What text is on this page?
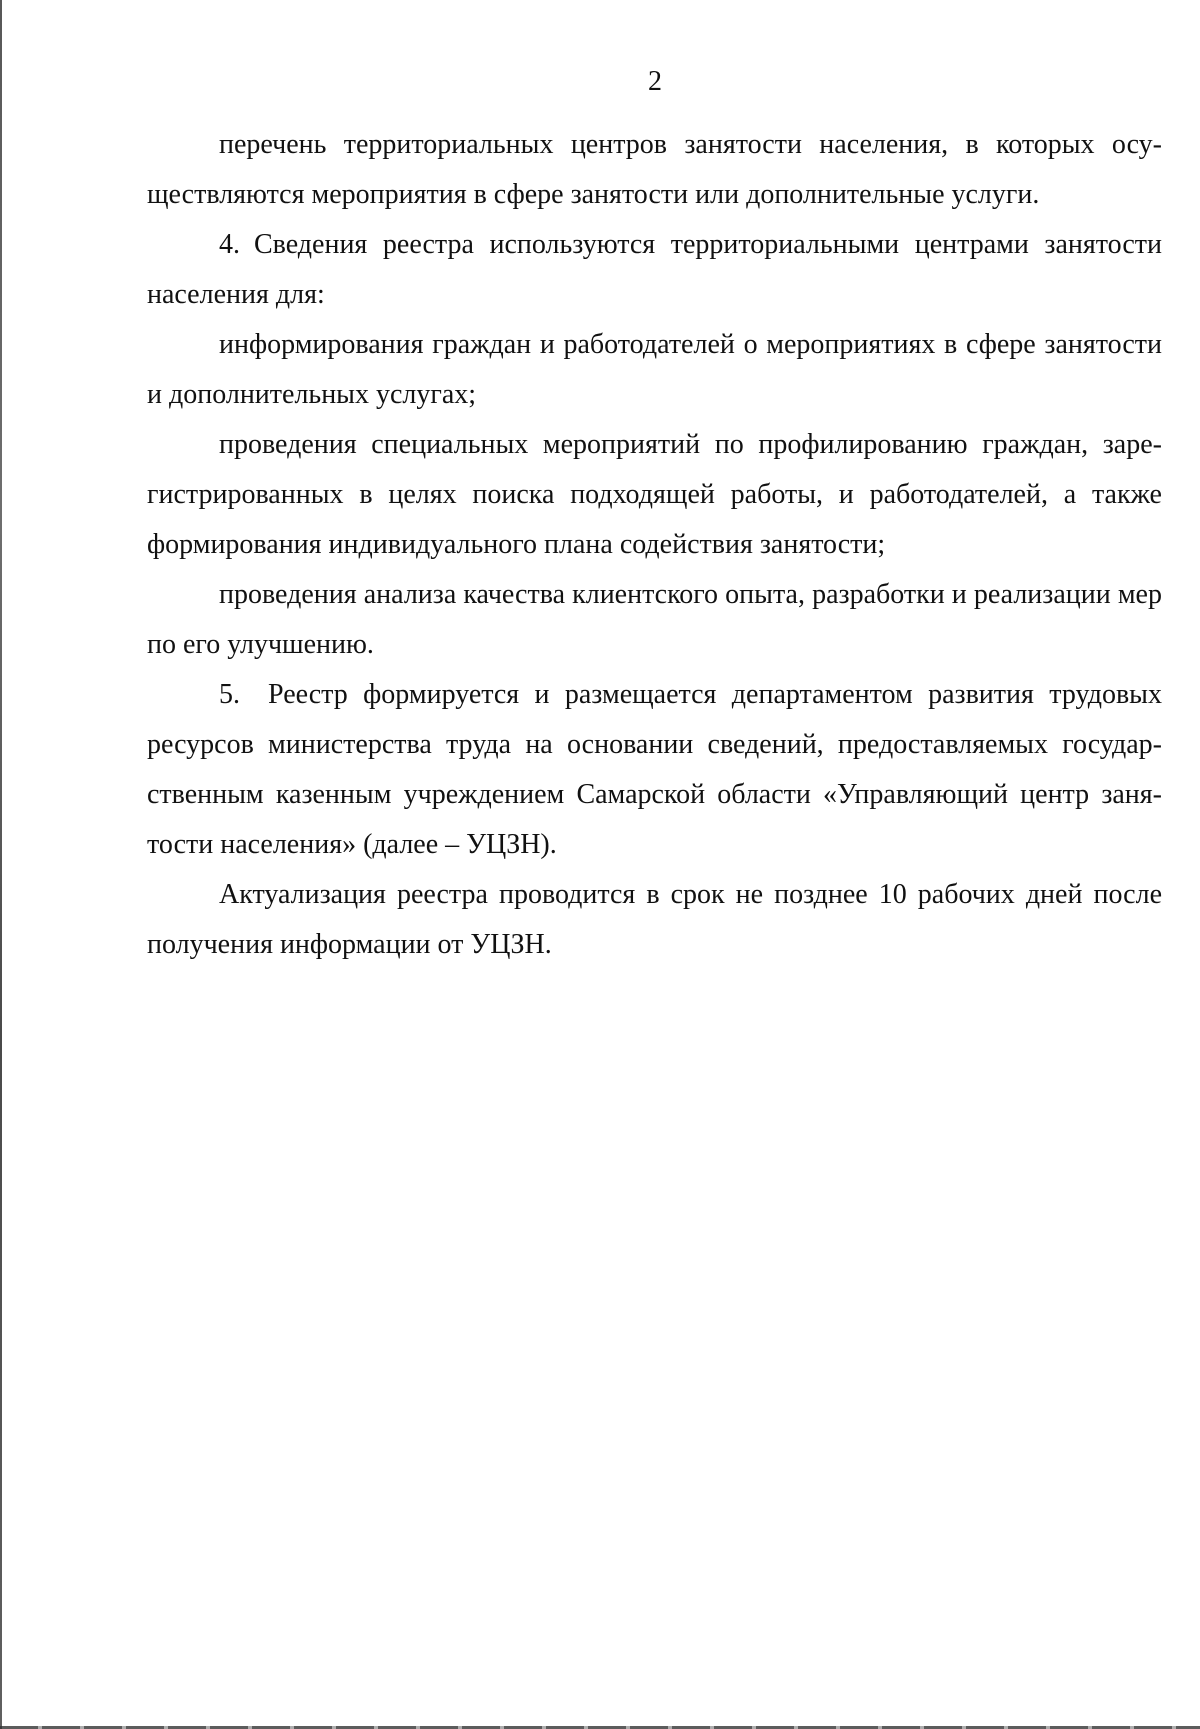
2

перечень территориальных центров занятости населения, в которых осуществляются мероприятия в сфере занятости или дополнительные услуги.

4. Сведения реестра используются территориальными центрами занятости населения для:

информирования граждан и работодателей о мероприятиях в сфере занятости и дополнительных услугах;

проведения специальных мероприятий по профилированию граждан, зарегистрированных в целях поиска подходящей работы, и работодателей, а также формирования индивидуального плана содействия занятости;

проведения анализа качества клиентского опыта, разработки и реализации мер по его улучшению.

5. Реестр формируется и размещается департаментом развития трудовых ресурсов министерства труда на основании сведений, предоставляемых государственным казенным учреждением Самарской области «Управляющий центр занятости населения» (далее – УЦЗН).

Актуализация реестра проводится в срок не позднее 10 рабочих дней после получения информации от УЦЗН.
